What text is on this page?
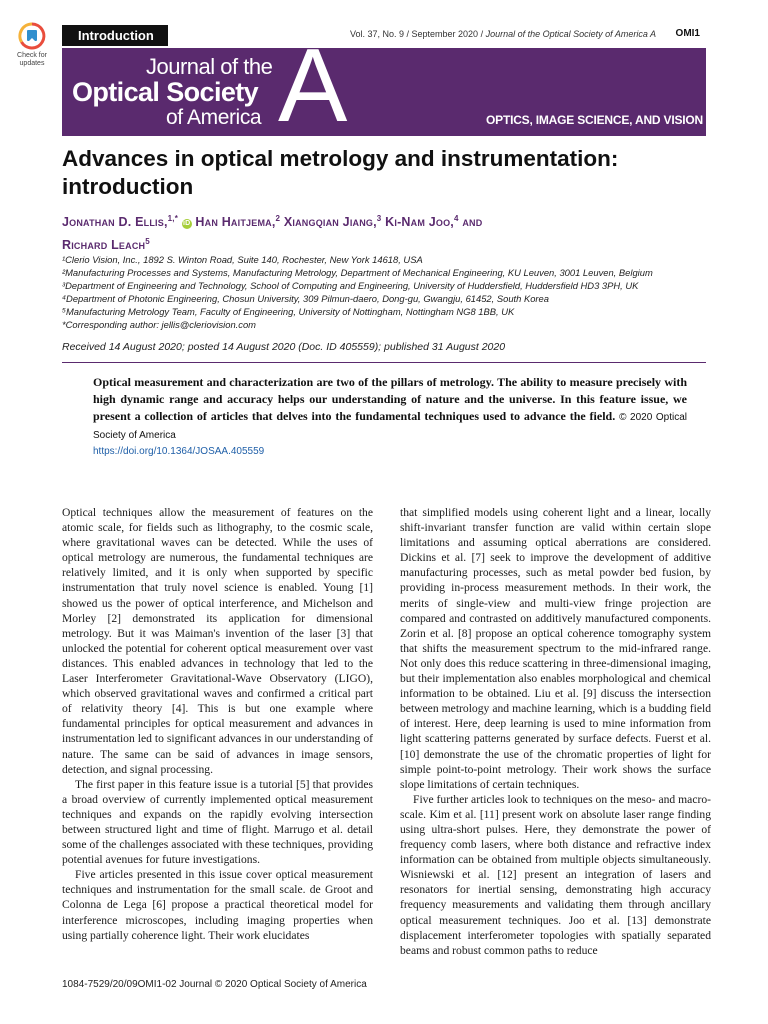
Check for
updates
Introduction	Vol. 37, No. 9 / September 2020 / Journal of the Optical Society of America A OMI1
Journal of the
Optical Society
of America A	OPTICS, IMAGE SCIENCE, AND VISION
Advances in optical metrology and instrumentation: introduction
Jonathan D. Ellis,$^{1,*}$ iD Han Haitjema,$^2$ Xiangqian Jiang,$^3$ Ki-Nam Joo,$^4$ and
Richard Leach$^5$
¹Clerio Vision, Inc., 1892 S. Winton Road, Suite 140, Rochester, New York 14618, USA
²Manufacturing Processes and Systems, Manufacturing Metrology, Department of Mechanical Engineering, KU Leuven, 3001 Leuven, Belgium
³Department of Engineering and Technology, School of Computing and Engineering, University of Huddersfield, Huddersfield HD3 3PH, UK
⁴Department of Photonic Engineering, Chosun University, 309 Pilmun-daero, Dong-gu, Gwangju, 61452, South Korea
⁵Manufacturing Metrology Team, Faculty of Engineering, University of Nottingham, Nottingham NG8 1BB, UK
*Corresponding author: jellis@cleriovision.com
Received 14 August 2020; posted 14 August 2020 (Doc. ID 405559); published 31 August 2020
Optical measurement and characterization are two of the pillars of metrology. The ability to measure precisely with high dynamic range and accuracy helps our understanding of nature and the universe. In this feature issue, we present a collection of articles that delves into the fundamental techniques used to advance the field. © 2020 Optical Society of America
https://doi.org/10.1364/JOSAA.405559

Optical techniques allow the measurement of features on the atomic scale, for fields such as lithography, to the cosmic scale, where gravitational waves can be detected. While the uses of optical metrology are numerous, the fundamental techniques are relatively limited, and it is only when supported by specific instrumentation that truly novel science is enabled. Young [1] showed us the power of optical interference, and Michelson and Morley [2] demonstrated its application for dimensional metrology. But it was Maiman's invention of the laser [3] that unlocked the potential for coherent optical measurement over vast distances. This enabled advances in technology that led to the Laser Interferometer Gravitational-Wave Observatory (LIGO), which observed gravitational waves and confirmed a critical part of relativity theory [4]. This is but one example where fundamental principles for optical measurement and advances in instrumentation led to significant advances in our understanding of nature. The same can be said of advances in image sensors, detection, and signal processing.

The first paper in this feature issue is a tutorial [5] that provides a broad overview of currently implemented optical measurement techniques and expands on the rapidly evolving intersection between structured light and time of flight. Marrugo et al. detail some of the challenges associated with these techniques, providing potential avenues for future investigations.

Five articles presented in this issue cover optical measurement techniques and instrumentation for the small scale. de Groot and Colonna de Lega [6] propose a practical theoretical model for interference microscopes, including imaging properties when using partially coherence light. Their work elucidates

that simplified models using coherent light and a linear, locally shift-invariant transfer function are valid within certain slope limitations and assuming optical aberrations are considered. Dickins et al. [7] seek to improve the development of additive manufacturing processes, such as metal powder bed fusion, by providing in-process measurement methods. In their work, the merits of single-view and multi-view fringe projection are compared and contrasted on additively manufactured components. Zorin et al. [8] propose an optical coherence tomography system that shifts the measurement spectrum to the mid-infrared range. Not only does this reduce scattering in three-dimensional imaging, but their implementation also enables morphological and chemical information to be obtained. Liu et al. [9] discuss the intersection between metrology and machine learning, which is a budding field of interest. Here, deep learning is used to mine information from light scattering patterns generated by surface defects. Fuerst et al. [10] demonstrate the use of the chromatic properties of light for simple point-to-point metrology. Their work shows the surface slope limitations of certain techniques.

Five further articles look to techniques on the meso- and macro-scale. Kim et al. [11] present work on absolute laser range finding using ultra-short pulses. Here, they demonstrate the power of frequency comb lasers, where both distance and refractive index information can be obtained from multiple objects simultaneously. Wisniewski et al. [12] present an integration of lasers and resonators for inertial sensing, demonstrating high accuracy frequency measurements and validating them through ancillary optical measurement techniques. Joo et al. [13] demonstrate displacement interferometer topologies with spatially separated beams and robust common paths to reduce

1084-7529/20/09OMI1-02 Journal © 2020 Optical Society of America
